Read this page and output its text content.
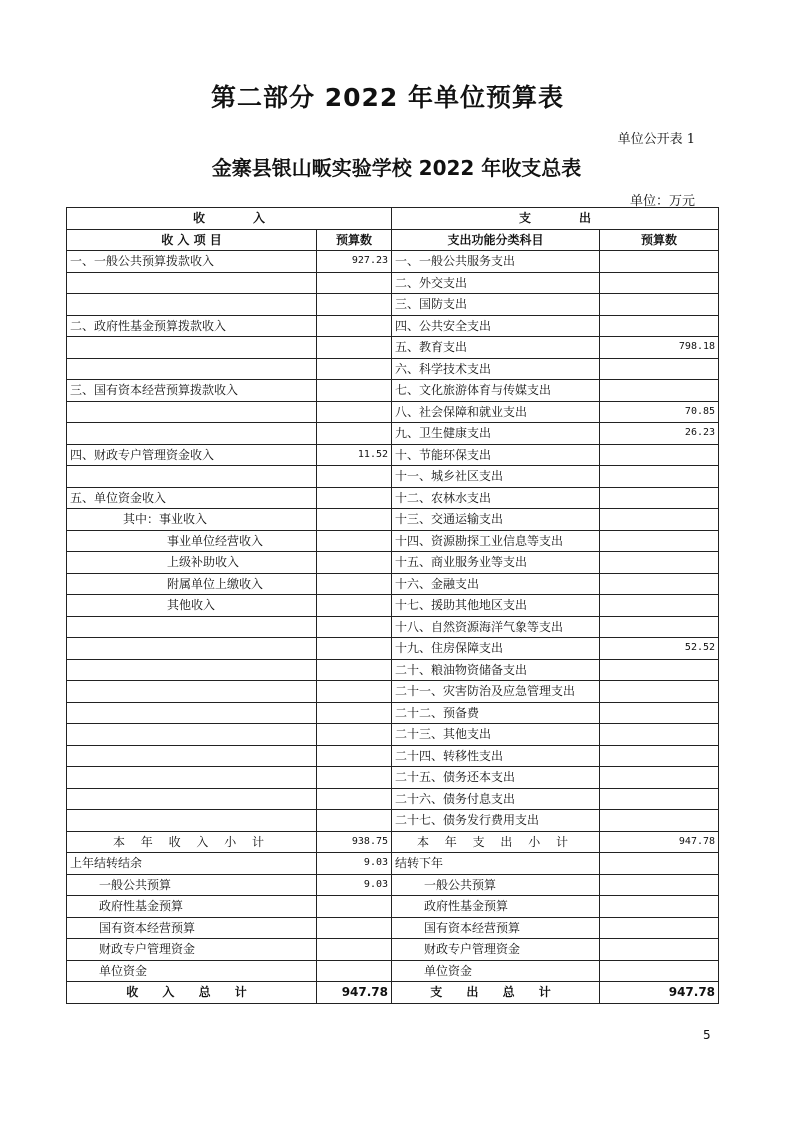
第二部分 2022 年单位预算表
单位公开表 1
金寨县银山畈实验学校 2022 年收支总表
单位：万元
收　　　　入		支　　　　出	
收 入 项 目	预算数	支出功能分类科目	预算数
一、一般公共预算拨款收入	927.23	一、一般公共服务支出	
		二、外交支出	
		三、国防支出	
二、政府性基金预算拨款收入		四、公共安全支出	
		五、教育支出	798.18
		六、科学技术支出	
三、国有资本经营预算拨款收入		七、文化旅游体育与传媒支出	
		八、社会保障和就业支出	70.85
		九、卫生健康支出	26.23
四、财政专户管理资金收入	11.52	十、节能环保支出	
		十一、城乡社区支出	
五、单位资金收入		十二、农林水支出	
其中：事业收入		十三、交通运输支出	
事业单位经营收入		十四、资源勘探工业信息等支出	
上级补助收入		十五、商业服务业等支出	
附属单位上缴收入		十六、金融支出	
其他收入		十七、援助其他地区支出	
		十八、自然资源海洋气象等支出	
		十九、住房保障支出	52.52
		二十、粮油物资储备支出	
		二十一、灾害防治及应急管理支出	
		二十二、预备费	
		二十三、其他支出	
		二十四、转移性支出	
		二十五、债务还本支出	
		二十六、债务付息支出	
		二十七、债务发行费用支出	
本 年 收 入 小 计	938.75	本 年 支 出 小 计	947.78
上年结转结余	9.03	结转下年	
一般公共预算	9.03	一般公共预算	
政府性基金预算		政府性基金预算	
国有资本经营预算		国有资本经营预算	
财政专户管理资金		财政专户管理资金	
单位资金		单位资金	
收 入 总 计	947.78	支 出 总 计	947.78
5
